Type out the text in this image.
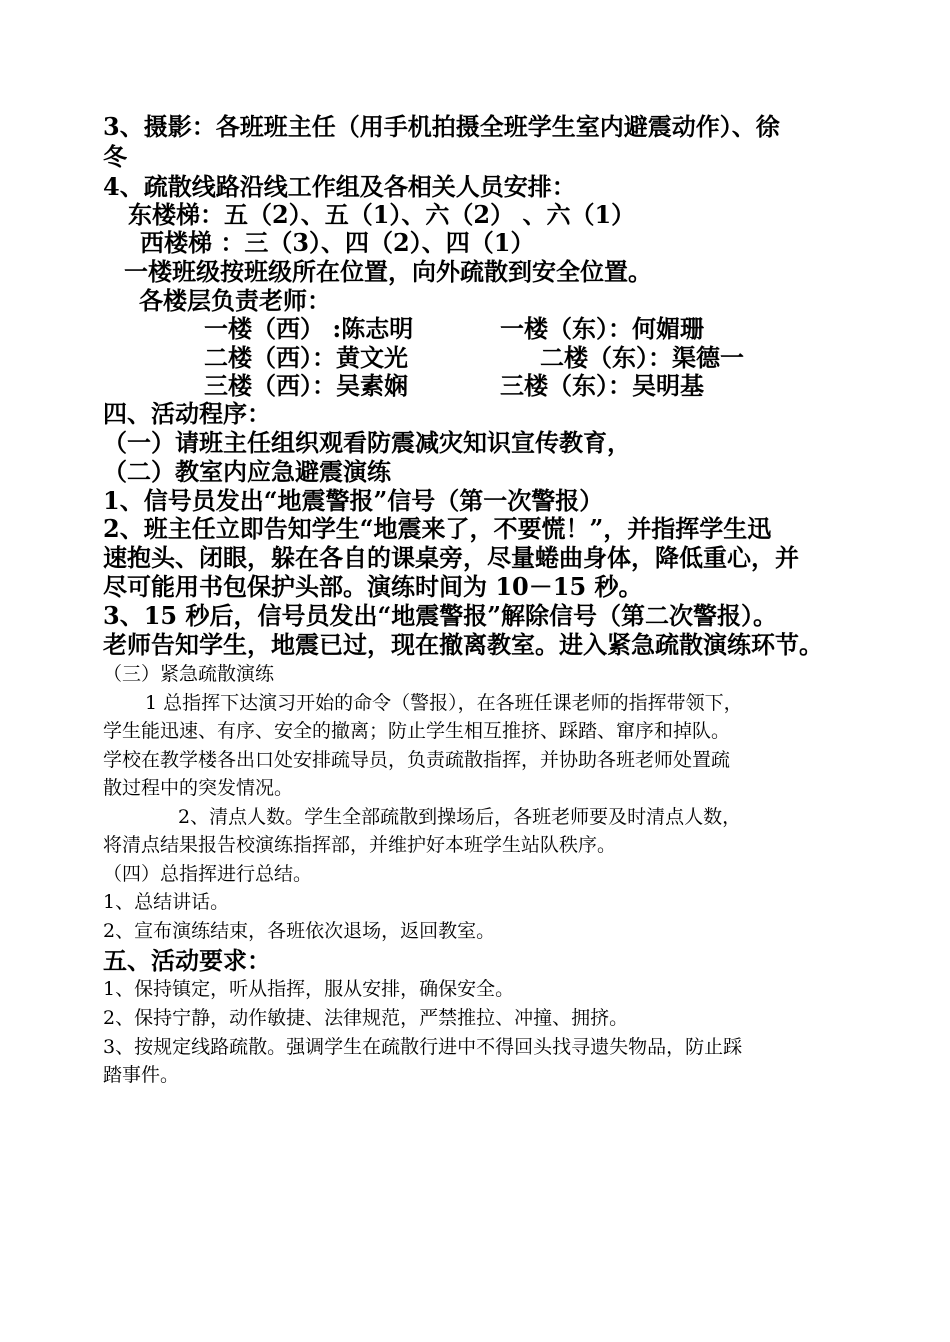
3、摄影：各班班主任（用手机拍摄全班学生室内避震动作）、徐

冬

4、疏散线路沿线工作组及各相关人员安排：

东楼梯：五（2）、五（1）、六（2） 、六（1）

西楼梯 ：三（3）、四（2）、四（1）

一楼班级按班级所在位置，向外疏散到安全位置。

各楼层负责老师：

一楼（西） :陈志明	一楼（东）：何媚珊

二楼（西）：黄文光	二楼（东）：渠德一

三楼（西）：吴素娴	三楼（东）：吴明基

四、活动程序：

（一）请班主任组织观看防震减灾知识宣传教育，

（二）教室内应急避震演练

1、信号员发出“地震警报”信号（第一次警报）

2、班主任立即告知学生“地震来了，不要慌！”，并指挥学生迅

速抱头、闭眼，躲在各自的课桌旁，尽量蜷曲身体，降低重心，并

尽可能用书包保护头部。演练时间为 10－15 秒。

3、15 秒后，信号员发出“地震警报”解除信号（第二次警报）。

老师告知学生，地震已过，现在撤离教室。进入紧急疏散演练环节。

（三）紧急疏散演练

1 总指挥下达演习开始的命令（警报），在各班任课老师的指挥带领下，

学生能迅速、有序、安全的撤离；防止学生相互推挤、踩踏、窜序和掉队。

学校在教学楼各出口处安排疏导员，负责疏散指挥，并协助各班老师处置疏

散过程中的突发情况。

2、清点人数。学生全部疏散到操场后，各班老师要及时清点人数，

将清点结果报告校演练指挥部，并维护好本班学生站队秩序。

（四）总指挥进行总结。

1、总结讲话。

2、宣布演练结束，各班依次退场，返回教室。

五、活动要求：

1、保持镇定，听从指挥，服从安排，确保安全。

2、保持宁静，动作敏捷、法律规范，严禁推拉、冲撞、拥挤。

3、按规定线路疏散。强调学生在疏散行进中不得回头找寻遗失物品，防止踩

踏事件。
